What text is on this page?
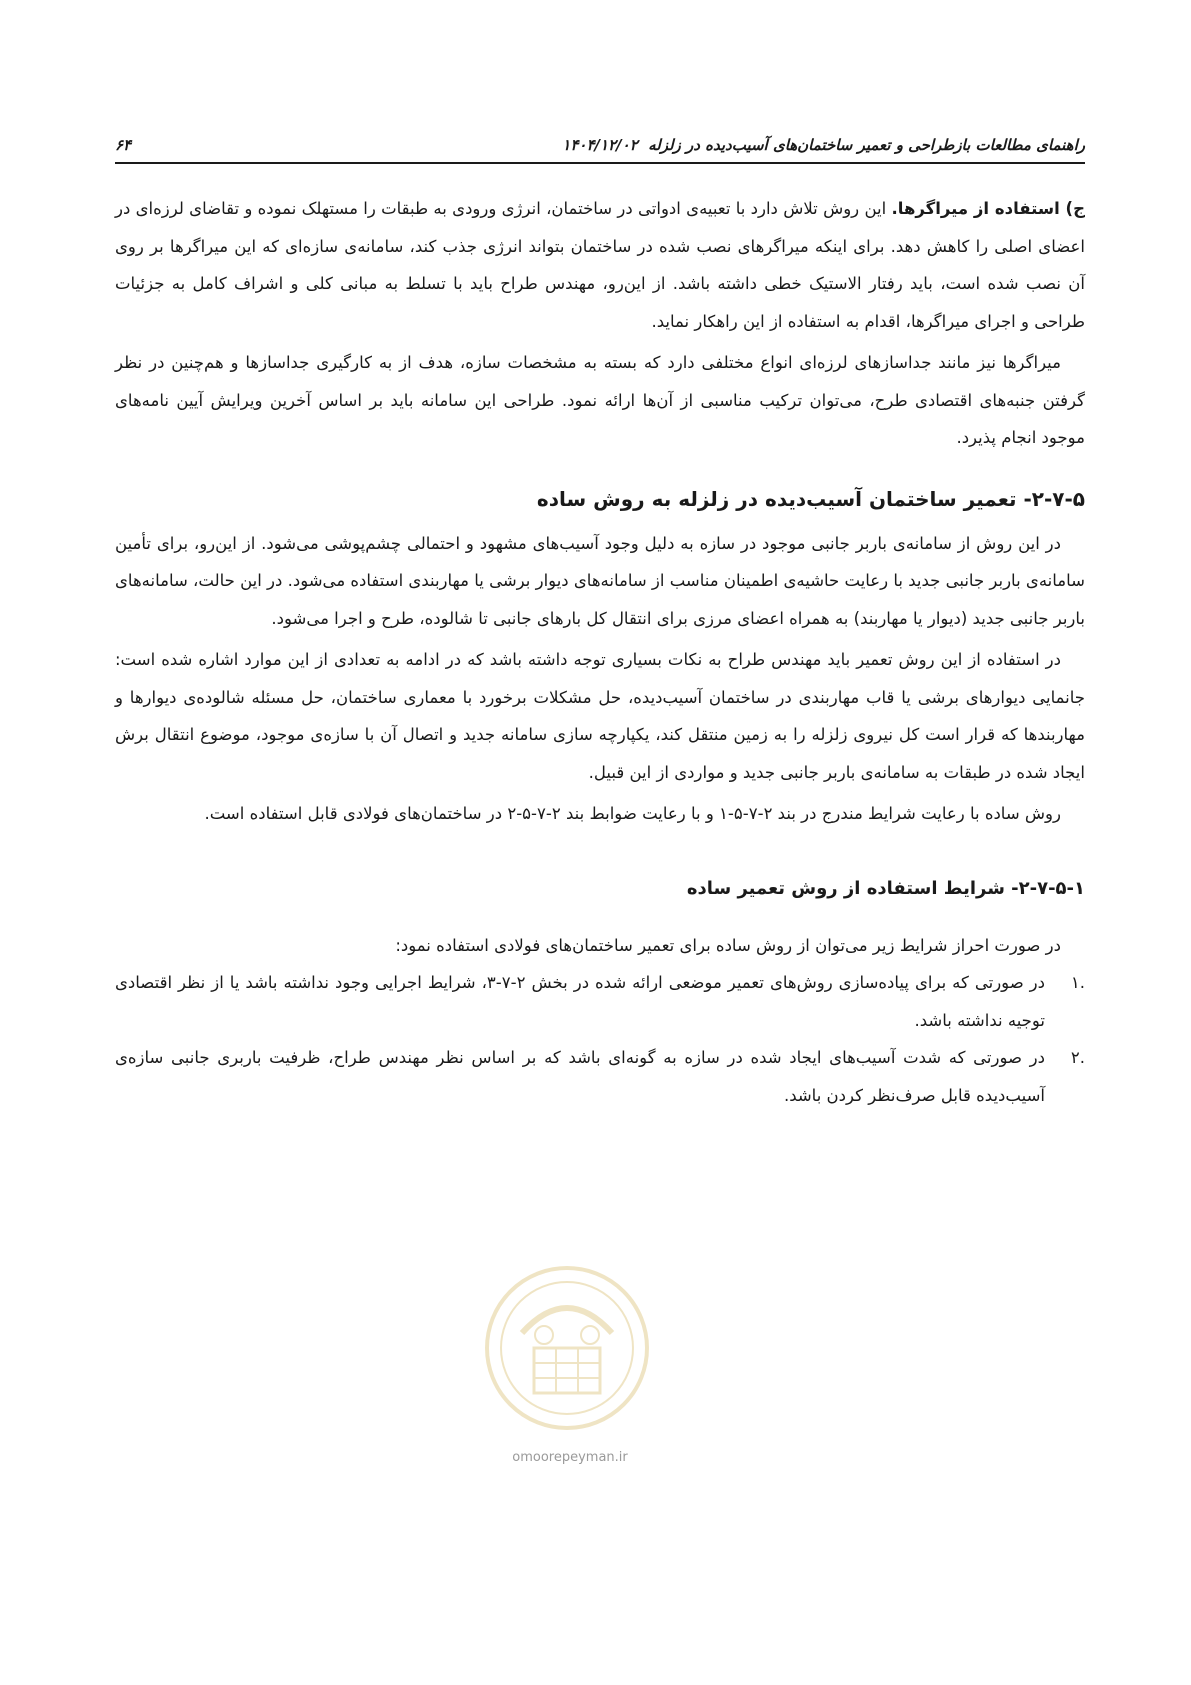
راهنمای مطالعات بازطراحی و تعمیر ساختمان‌های آسیب‌دیده در زلزله
۱۴۰۴/۱۲/۰۲
۶۴

ج) استفاده از میراگرها. این روش تلاش دارد با تعبیه‌ی ادواتی در ساختمان، انرژی ورودی به طبقات را مستهلک نموده و تقاضای لرزه‌ای در اعضای اصلی را کاهش دهد. برای اینکه میراگرهای نصب شده در ساختمان بتواند انرژی جذب کند، سامانه‌ی سازه‌ای که این میراگرها بر روی آن نصب شده است، باید رفتار الاستیک خطی داشته باشد. از این‌رو، مهندس طراح باید با تسلط به مبانی کلی و اشراف کامل به جزئیات طراحی و اجرای میراگرها، اقدام به استفاده از این راهکار نماید.

میراگرها نیز مانند جداسازهای لرزه‌ای انواع مختلفی دارد که بسته به مشخصات سازه، هدف از به کارگیری جداسازها و هم‌چنین در نظر گرفتن جنبه‌های اقتصادی طرح، می‌توان ترکیب مناسبی از آن‌ها ارائه نمود. طراحی این سامانه باید بر اساس آخرین ویرایش آیین نامه‌های موجود انجام پذیرد.

۲-۷-۵- تعمیر ساختمان آسیب‌دیده در زلزله به روش ساده

در این روش از سامانه‌ی باربر جانبی موجود در سازه به دلیل وجود آسیب‌های مشهود و احتمالی چشم‌پوشی می‌شود. از این‌رو، برای تأمین سامانه‌ی باربر جانبی جدید با رعایت حاشیه‌ی اطمینان مناسب از سامانه‌های دیوار برشی یا مهاربندی استفاده می‌شود. در این حالت، سامانه‌های باربر جانبی جدید (دیوار یا مهاربند) به همراه اعضای مرزی برای انتقال کل بارهای جانبی تا شالوده، طرح و اجرا می‌شود.

در استفاده از این روش تعمیر باید مهندس طراح به نکات بسیاری توجه داشته باشد که در ادامه به تعدادی از این موارد اشاره شده است: جانمایی دیوارهای برشی یا قاب مهاربندی در ساختمان آسیب‌دیده، حل مشکلات برخورد با معماری ساختمان، حل مسئله شالوده‌ی دیوارها و مهاربندها که قرار است کل نیروی زلزله را به زمین منتقل کند، یکپارچه سازی سامانه جدید و اتصال آن با سازه‌ی موجود، موضوع انتقال برش ایجاد شده در طبقات به سامانه‌ی باربر جانبی جدید و مواردی از این قبیل.

روش ساده با رعایت شرایط مندرج در بند ۲-۷-۵-۱ و با رعایت ضوابط بند ۲-۷-۵-۲ در ساختمان‌های فولادی قابل استفاده است.

۲-۷-۵-۱- شرایط استفاده از روش تعمیر ساده

در صورت احراز شرایط زیر می‌توان از روش ساده برای تعمیر ساختمان‌های فولادی استفاده نمود:

.۱
در صورتی که برای پیاده‌سازی روش‌های تعمیر موضعی ارائه شده در بخش ۲-۷-۳، شرایط اجرایی وجود نداشته باشد یا از نظر اقتصادی توجیه نداشته باشد.
.۲
در صورتی که شدت آسیب‌های ایجاد شده در سازه به گونه‌ای باشد که بر اساس نظر مهندس طراح، ظرفیت باربری جانبی سازه‌ی آسیب‌دیده قابل صرف‌نظر کردن باشد.
omoorepeyman.ir
